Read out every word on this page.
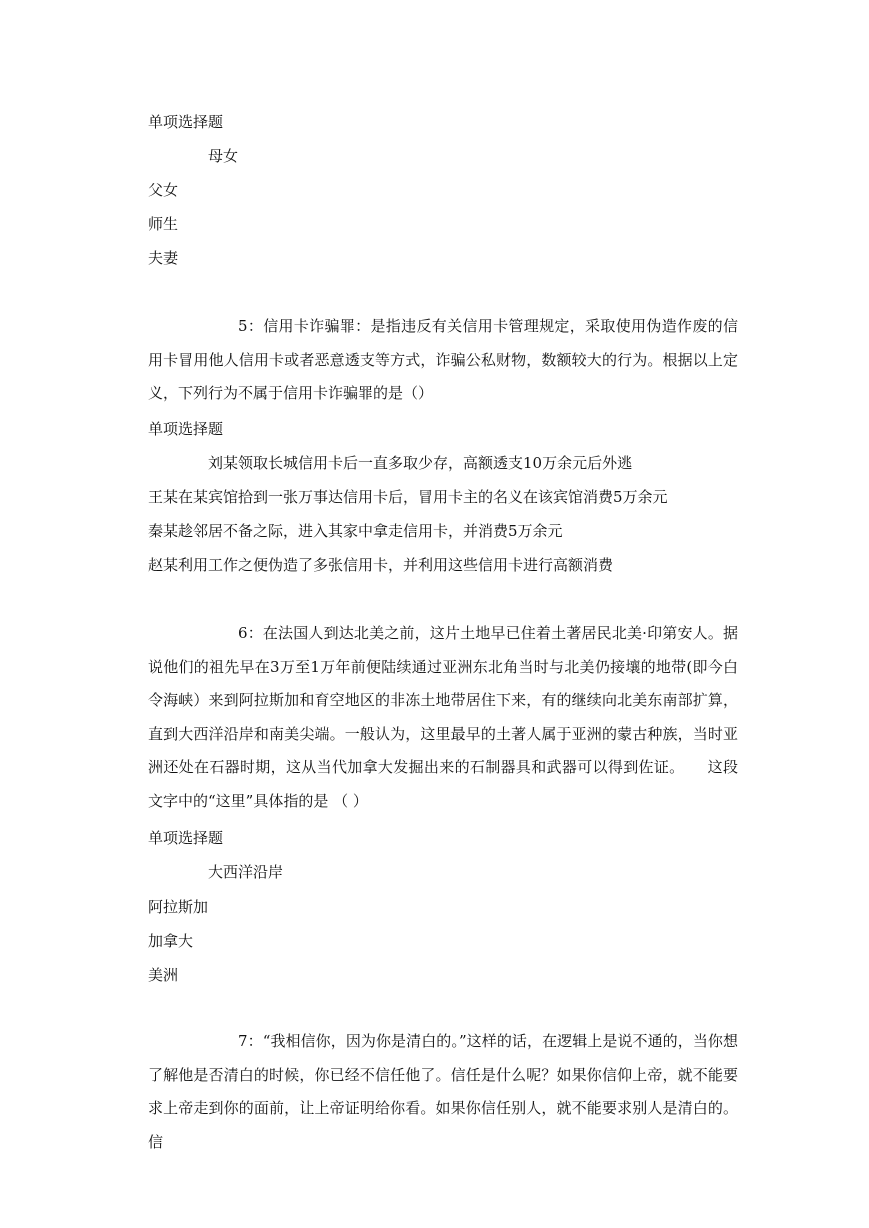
单项选择题
母女
父女
师生
夫妻

5：信用卡诈骗罪：是指违反有关信用卡管理规定，采取使用伪造作废的信用卡冒用他人信用卡或者恶意透支等方式，诈骗公私财物，数额较大的行为。根据以上定义，下列行为不属于信用卡诈骗罪的是（）

单项选择题
刘某领取长城信用卡后一直多取少存，高额透支10万余元后外逃
王某在某宾馆拾到一张万事达信用卡后，冒用卡主的名义在该宾馆消费5万余元
秦某趁邻居不备之际，进入其家中拿走信用卡，并消费5万余元
赵某利用工作之便伪造了多张信用卡，并利用这些信用卡进行高额消费

6：在法国人到达北美之前，这片土地早已住着土著居民北美·印第安人。据说他们的祖先早在3万至1万年前便陆续通过亚洲东北角当时与北美仍接壤的地带(即今白令海峡）来到阿拉斯加和育空地区的非冻土地带居住下来，有的继续向北美东南部扩算，直到大西洋沿岸和南美尖端。一般认为，这里最早的土著人属于亚洲的蒙古种族，当时亚洲还处在石器时期，这从当代加拿大发掘出来的石制器具和武器可以得到佐证。　　这段文字中的“这里”具体指的是 （ ）

单项选择题
大西洋沿岸
阿拉斯加
加拿大
美洲

7：“我相信你，因为你是清白的。”这样的话，在逻辑上是说不通的，当你想了解他是否清白的时候，你已经不信任他了。信任是什么呢？如果你信仰上帝，就不能要求上帝走到你的面前，让上帝证明给你看。如果你信任别人，就不能要求别人是清白的。信
